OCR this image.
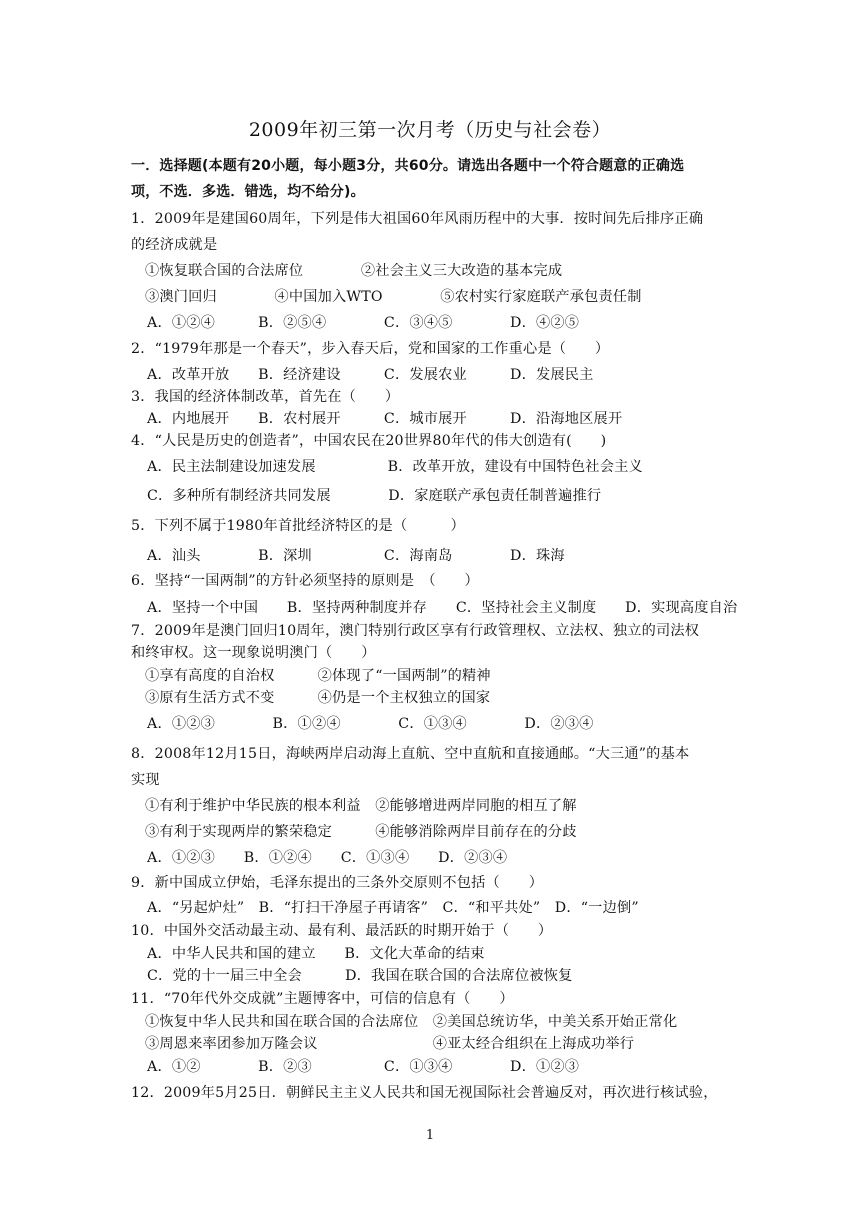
2009年初三第一次月考（历史与社会卷）
一．选择题(本题有20小题，每小题3分，共60分。请选出各题中一个符合题意的正确选
项，不选．多选．错选，均不给分)。
1．2009年是建国60周年，下列是伟大祖国60年风雨历程中的大事．按时间先后排序正确
的经济成就是
①恢复联合国的合法席位　　　　②社会主义三大改造的基本完成
③澳门回归　　　　④中国加入WTO　　　　⑤农村实行家庭联产承包责任制
A．①②④　　　B．②⑤④　　　　C．③④⑤　　　　D．④②⑤
2．“1979年那是一个春天”，步入春天后，党和国家的工作重心是（　　）
A．改革开放　　B．经济建设　　　C．发展农业　　　D．发展民主
3．我国的经济体制改革，首先在（　　）
A．内地展开　　B．农村展开　　　C．城市展开　　　D．沿海地区展开
4．“人民是历史的创造者”，中国农民在20世界80年代的伟大创造有(　　)
A．民主法制建设加速发展　　　　　B．改革开放，建设有中国特色社会主义
C．多种所有制经济共同发展　　　　D．家庭联产承包责任制普遍推行
5．下列不属于1980年首批经济特区的是（　　　）
A．汕头　　　　B．深圳　　　　　C．海南岛　　　　D．珠海
6．坚持“一国两制”的方针必须坚持的原则是　（　　）
A．坚持一个中国　　B．坚持两种制度并存　　C．坚持社会主义制度　　D．实现高度自治
7．2009年是澳门回归10周年，澳门特别行政区享有行政管理权、立法权、独立的司法权
和终审权。这一现象说明澳门（　　）
①享有高度的自治权　　　②体现了“一国两制”的精神
③原有生活方式不变　　　④仍是一个主权独立的国家
A．①②③　　　　B．①②④　　　　C．①③④　　　　D．②③④
8．2008年12月15日，海峡两岸启动海上直航、空中直航和直接通邮。“大三通”的基本
实现
①有利于维护中华民族的根本利益　②能够增进两岸同胞的相互了解
③有利于实现两岸的繁荣稳定　　　④能够消除两岸目前存在的分歧
A．①②③　　B．①②④　　C．①③④　　D．②③④
9．新中国成立伊始，毛泽东提出的三条外交原则不包括（　　）
A．“另起炉灶”　B．“打扫干净屋子再请客”　C．“和平共处”　D．“一边倒”
10．中国外交活动最主动、最有利、最活跃的时期开始于（　　）
A．中华人民共和国的建立　　B．文化大革命的结束
C．党的十一届三中全会　　　D．我国在联合国的合法席位被恢复
11．“70年代外交成就”主题博客中，可信的信息有（　　）
①恢复中华人民共和国在联合国的合法席位　②美国总统访华，中美关系开始正常化
③周恩来率团参加万隆会议　　　　　　　　④亚太经合组织在上海成功举行
A．①②　　　　B．②③　　　　　C．①③④　　　　D．①②③
12．2009年5月25日．朝鲜民主主义人民共和国无视国际社会普遍反对，再次进行核试验，
1
